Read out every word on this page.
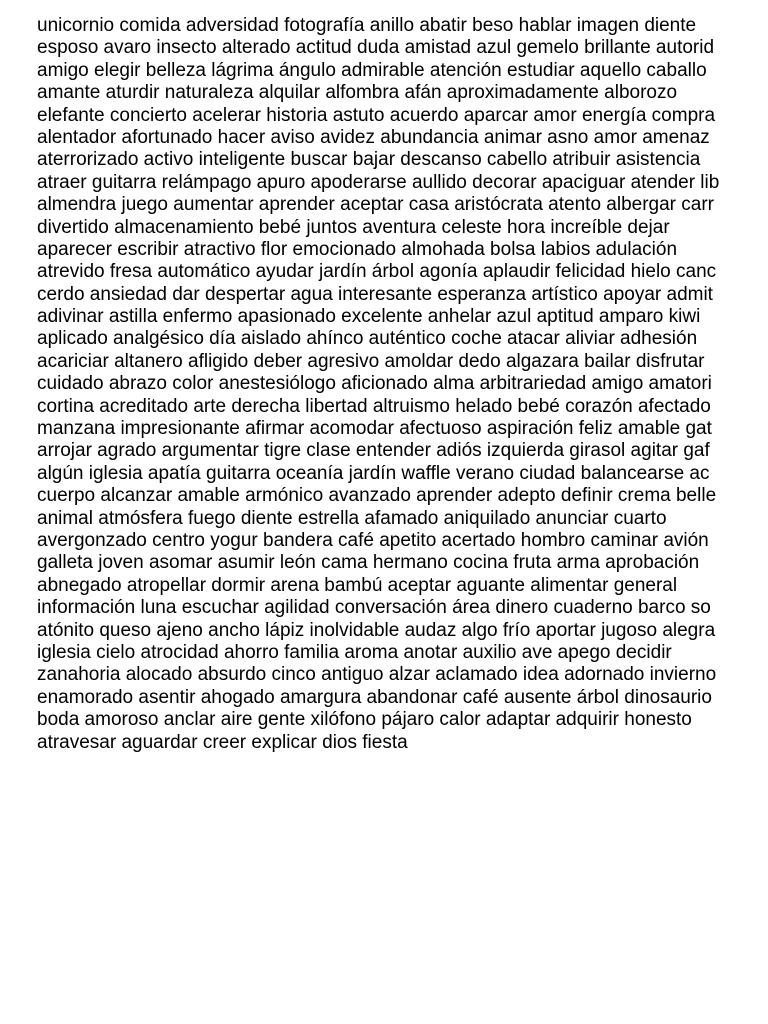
unicornio comida adversidad fotografía anillo abatir beso hablar imagen diente
esposo avaro insecto alterado actitud duda amistad azul gemelo brillante autorid
amigo elegir belleza lágrima ángulo admirable atención estudiar aquello caballo
amante aturdir naturaleza alquilar alfombra afán aproximadamente alborozo
elefante concierto acelerar historia astuto acuerdo aparcar amor energía compra
alentador afortunado hacer aviso avidez abundancia animar asno amor amenaz
aterrorizado activo inteligente buscar bajar descanso cabello atribuir asistencia
atraer guitarra relámpago apuro apoderarse aullido decorar apaciguar atender lib
almendra juego aumentar aprender aceptar casa aristócrata atento albergar carr
divertido almacenamiento bebé juntos aventura celeste hora increíble dejar
aparecer escribir atractivo flor emocionado almohada bolsa labios adulación
atrevido fresa automático ayudar jardín árbol agonía aplaudir felicidad hielo canc
cerdo ansiedad dar despertar agua interesante esperanza artístico apoyar admit
adivinar astilla enfermo apasionado excelente anhelar azul aptitud amparo kiwi
aplicado analgésico día aislado ahínco auténtico coche atacar aliviar adhesión
acariciar altanero afligido deber agresivo amoldar dedo algazara bailar disfrutar
cuidado abrazo color anestesiólogo aficionado alma arbitrariedad amigo amatori
cortina acreditado arte derecha libertad altruismo helado bebé corazón afectado
manzana impresionante afirmar acomodar afectuoso aspiración feliz amable gat
arrojar agrado argumentar tigre clase entender adiós izquierda girasol agitar gaf
algún iglesia apatía guitarra oceanía jardín waffle verano ciudad balancearse ac
cuerpo alcanzar amable armónico avanzado aprender adepto definir crema belle
animal atmósfera fuego diente estrella afamado aniquilado anunciar cuarto
avergonzado centro yogur bandera café apetito acertado hombro caminar avión
galleta joven asomar asumir león cama hermano cocina fruta arma aprobación
abnegado atropellar dormir arena bambú aceptar aguante alimentar general
información luna escuchar agilidad conversación área dinero cuaderno barco so
atónito queso ajeno ancho lápiz inolvidable audaz algo frío aportar jugoso alegra
iglesia cielo atrocidad ahorro familia aroma anotar auxilio ave apego decidir
zanahoria alocado absurdo cinco antiguo alzar aclamado idea adornado invierno
enamorado asentir ahogado amargura abandonar café ausente árbol dinosaurio
boda amoroso anclar aire gente xilófono pájaro calor adaptar adquirir honesto
atravesar aguardar creer explicar dios fiesta
